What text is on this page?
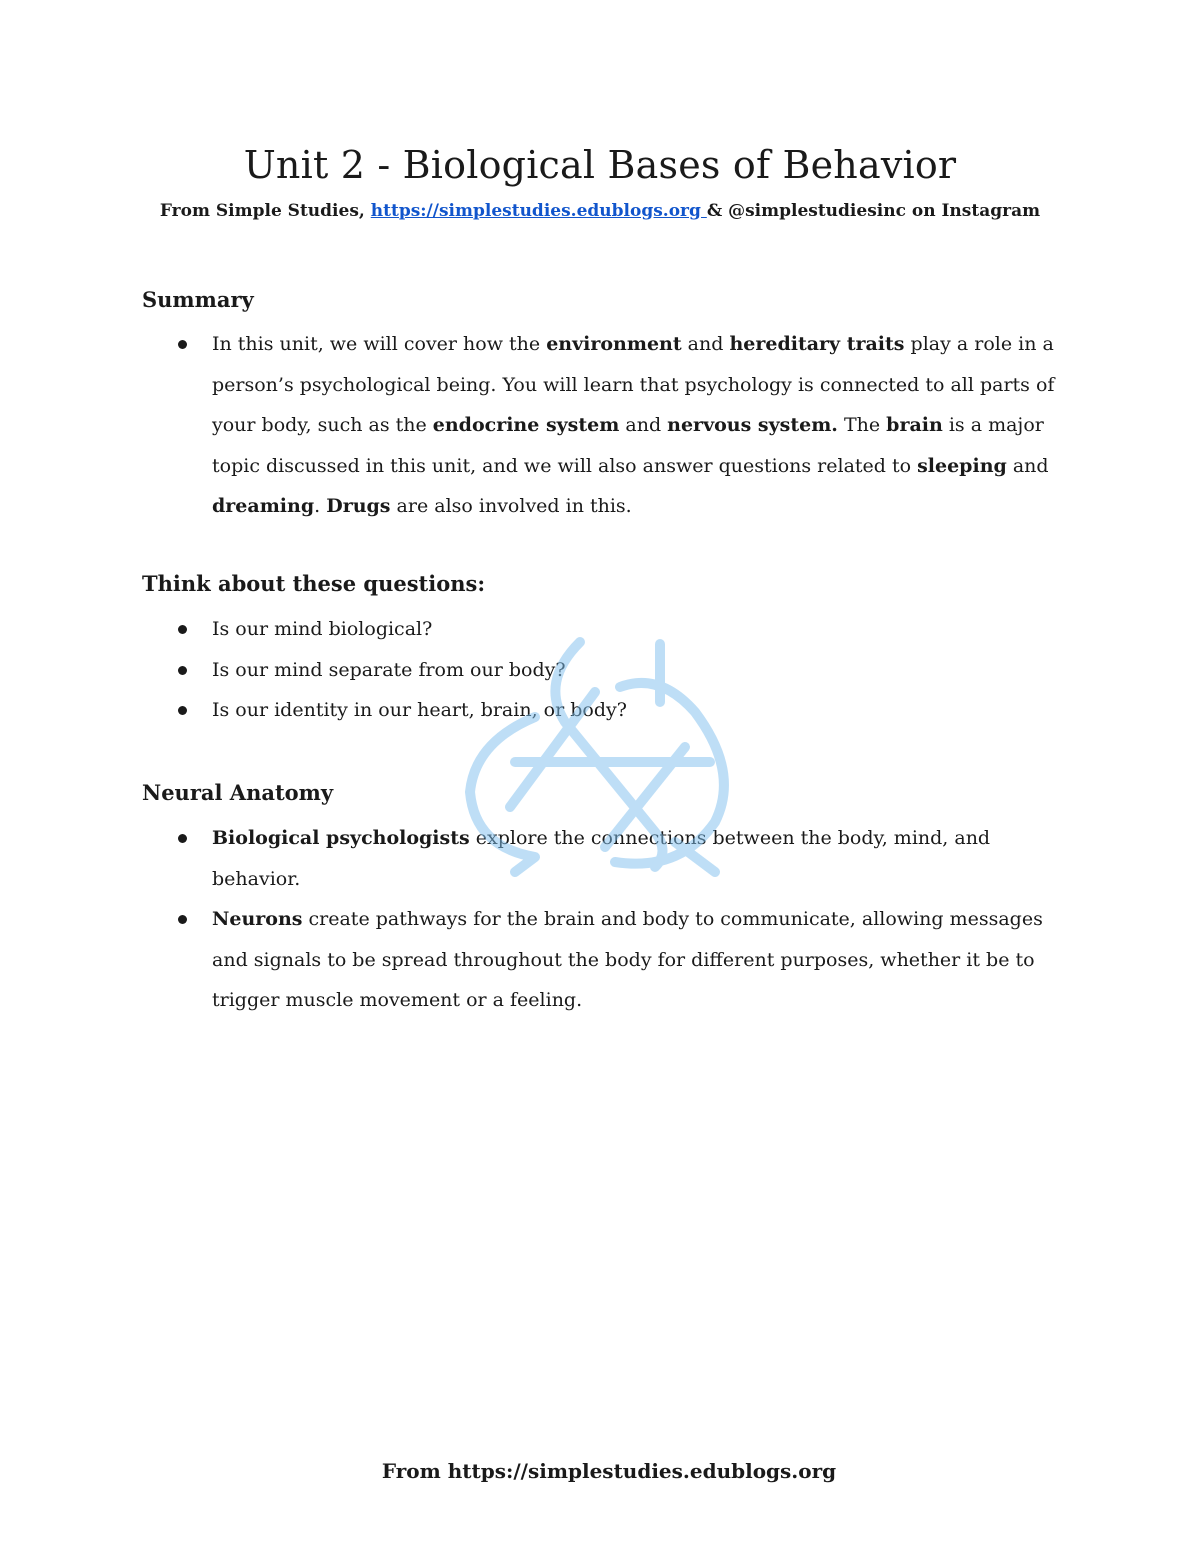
Unit 2 - Biological Bases of Behavior

From Simple Studies, https://simplestudies.edublogs.org & @simplestudiesinc on Instagram

Summary
In this unit, we will cover how the environment and hereditary traits play a role in a person’s psychological being. You will learn that psychology is connected to all parts of your body, such as the endocrine system and nervous system. The brain is a major topic discussed in this unit, and we will also answer questions related to sleeping and dreaming. Drugs are also involved in this.
Think about these questions:
Is our mind biological?
Is our mind separate from our body?
Is our identity in our heart, brain, or body?
Neural Anatomy
Biological psychologists explore the connections between the body, mind, and behavior.
Neurons create pathways for the brain and body to communicate, allowing messages and signals to be spread throughout the body for different purposes, whether it be to trigger muscle movement or a feeling.

From https://simplestudies.edublogs.org
